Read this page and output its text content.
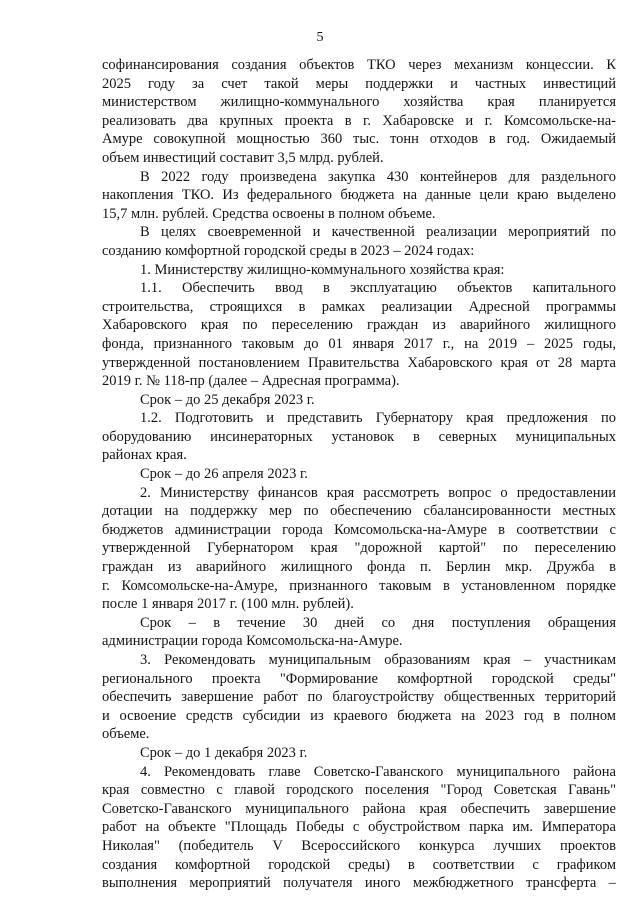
5
софинансирования создания объектов ТКО через механизм концессии. К
2025 году за счет такой меры поддержки и частных инвестиций
министерством жилищно-коммунального хозяйства края планируется
реализовать два крупных проекта в г. Хабаровске и г. Комсомольске-на-
Амуре совокупной мощностью 360 тыс. тонн отходов в год. Ожидаемый
объем инвестиций составит 3,5 млрд. рублей.
В 2022 году произведена закупка 430 контейнеров для раздельного
накопления ТКО. Из федерального бюджета на данные цели краю выделено
15,7 млн. рублей. Средства освоены в полном объеме.
В целях своевременной и качественной реализации мероприятий по
созданию комфортной городской среды в 2023 – 2024 годах:
1. Министерству жилищно-коммунального хозяйства края:
1.1. Обеспечить ввод в эксплуатацию объектов капитального
строительства, строящихся в рамках реализации Адресной программы
Хабаровского края по переселению граждан из аварийного жилищного
фонда, признанного таковым до 01 января 2017 г., на 2019 – 2025 годы,
утвержденной постановлением Правительства Хабаровского края от 28 марта
2019 г. № 118-пр (далее – Адресная программа).
Срок – до 25 декабря 2023 г.
1.2. Подготовить и представить Губернатору края предложения по
оборудованию инсинераторных установок в северных муниципальных
районах края.
Срок – до 26 апреля 2023 г.
2. Министерству финансов края рассмотреть вопрос о предоставлении
дотации на поддержку мер по обеспечению сбалансированности местных
бюджетов администрации города Комсомольска-на-Амуре в соответствии с
утвержденной Губернатором края "дорожной картой" по переселению
граждан из аварийного жилищного фонда п. Берлин мкр. Дружба в
г. Комсомольске-на-Амуре, признанного таковым в установленном порядке
после 1 января 2017 г. (100 млн. рублей).
Срок – в течение 30 дней со дня поступления обращения
администрации города Комсомольска-на-Амуре.
3. Рекомендовать муниципальным образованиям края – участникам
регионального проекта "Формирование комфортной городской среды"
обеспечить завершение работ по благоустройству общественных территорий
и освоение средств субсидии из краевого бюджета на 2023 год в полном
объеме.
Срок – до 1 декабря 2023 г.
4. Рекомендовать главе Советско-Гаванского муниципального района
края совместно с главой городского поселения "Город Советская Гавань"
Советско-Гаванского муниципального района края обеспечить завершение
работ на объекте "Площадь Победы с обустройством парка им. Императора
Николая" (победитель V Всероссийского конкурса лучших проектов
создания комфортной городской среды) в соответствии с графиком
выполнения мероприятий получателя иного межбюджетного трансферта –
